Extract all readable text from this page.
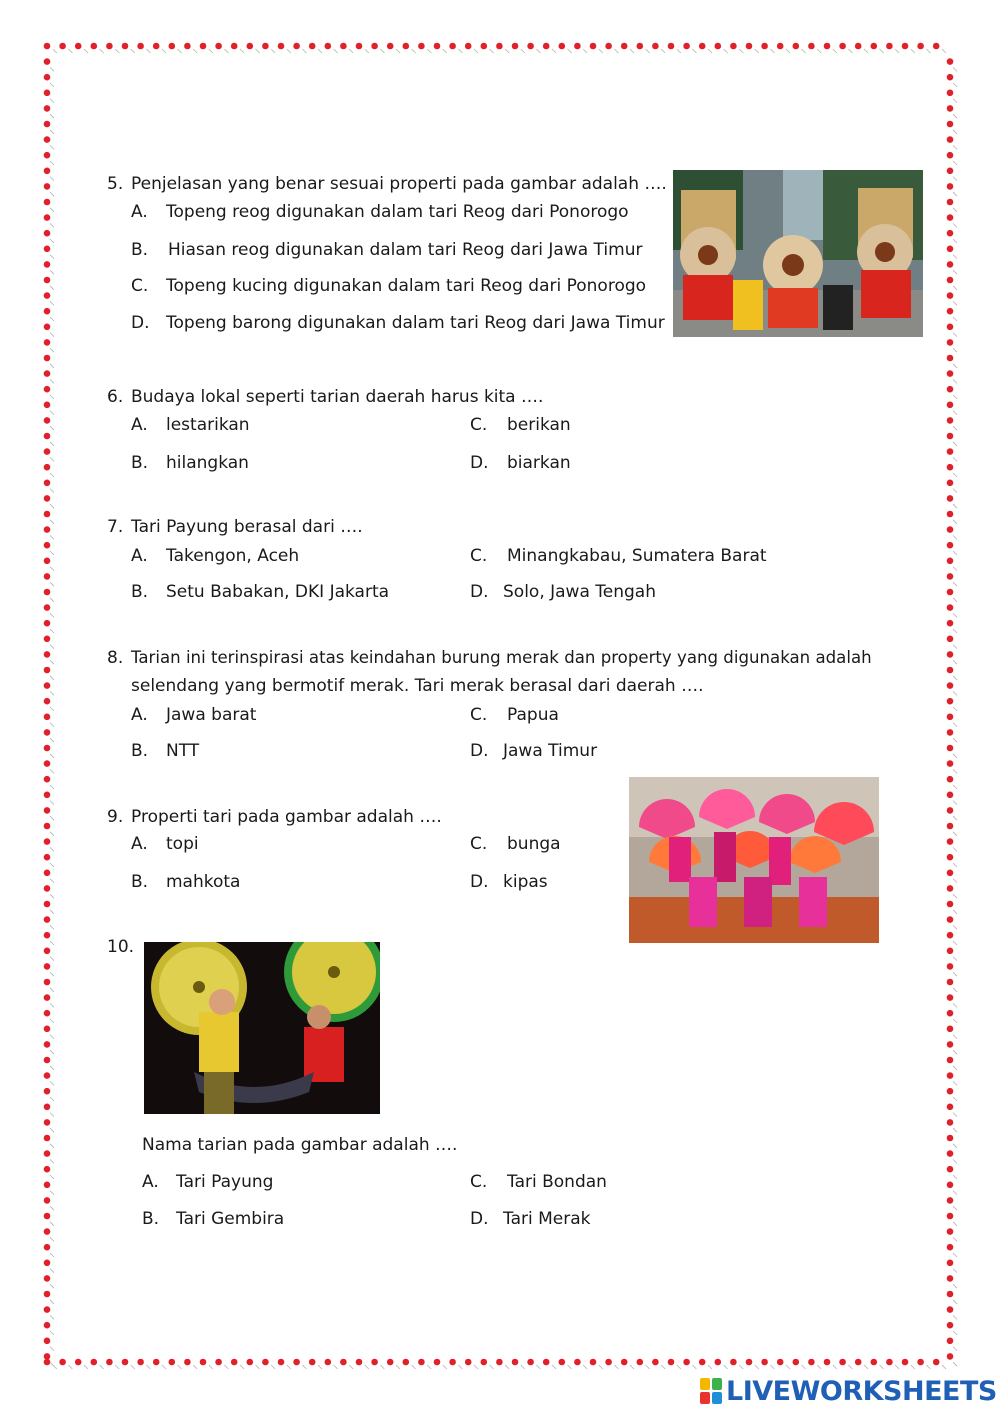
5. Penjelasan yang benar sesuai properti pada gambar adalah ….
A. Topeng reog digunakan dalam tari Reog dari Ponorogo
B. Hiasan reog digunakan dalam tari Reog dari Jawa Timur
C. Topeng kucing digunakan dalam tari Reog dari Ponorogo
D. Topeng barong digunakan dalam tari Reog dari Jawa Timur
6. Budaya lokal seperti tarian daerah harus kita ….
A. lestarikan
B. hilangkan
C. berikan
D. biarkan
7. Tari Payung berasal dari ….
A. Takengon, Aceh
B. Setu Babakan, DKI Jakarta
C. Minangkabau, Sumatera Barat
D. Solo, Jawa Tengah
8. Tarian ini terinspirasi atas keindahan burung merak dan property yang digunakan adalah
selendang yang bermotif merak. Tari merak berasal dari daerah ….
A. Jawa barat
B. NTT
C. Papua
D. Jawa Timur
9. Properti tari pada gambar adalah ….
A. topi
B. mahkota
C. bunga
D. kipas
10.
Nama tarian pada gambar adalah ….
A. Tari Payung
B. Tari Gembira
C. Tari Bondan
D. Tari Merak
LIVEWORKSHEETS
